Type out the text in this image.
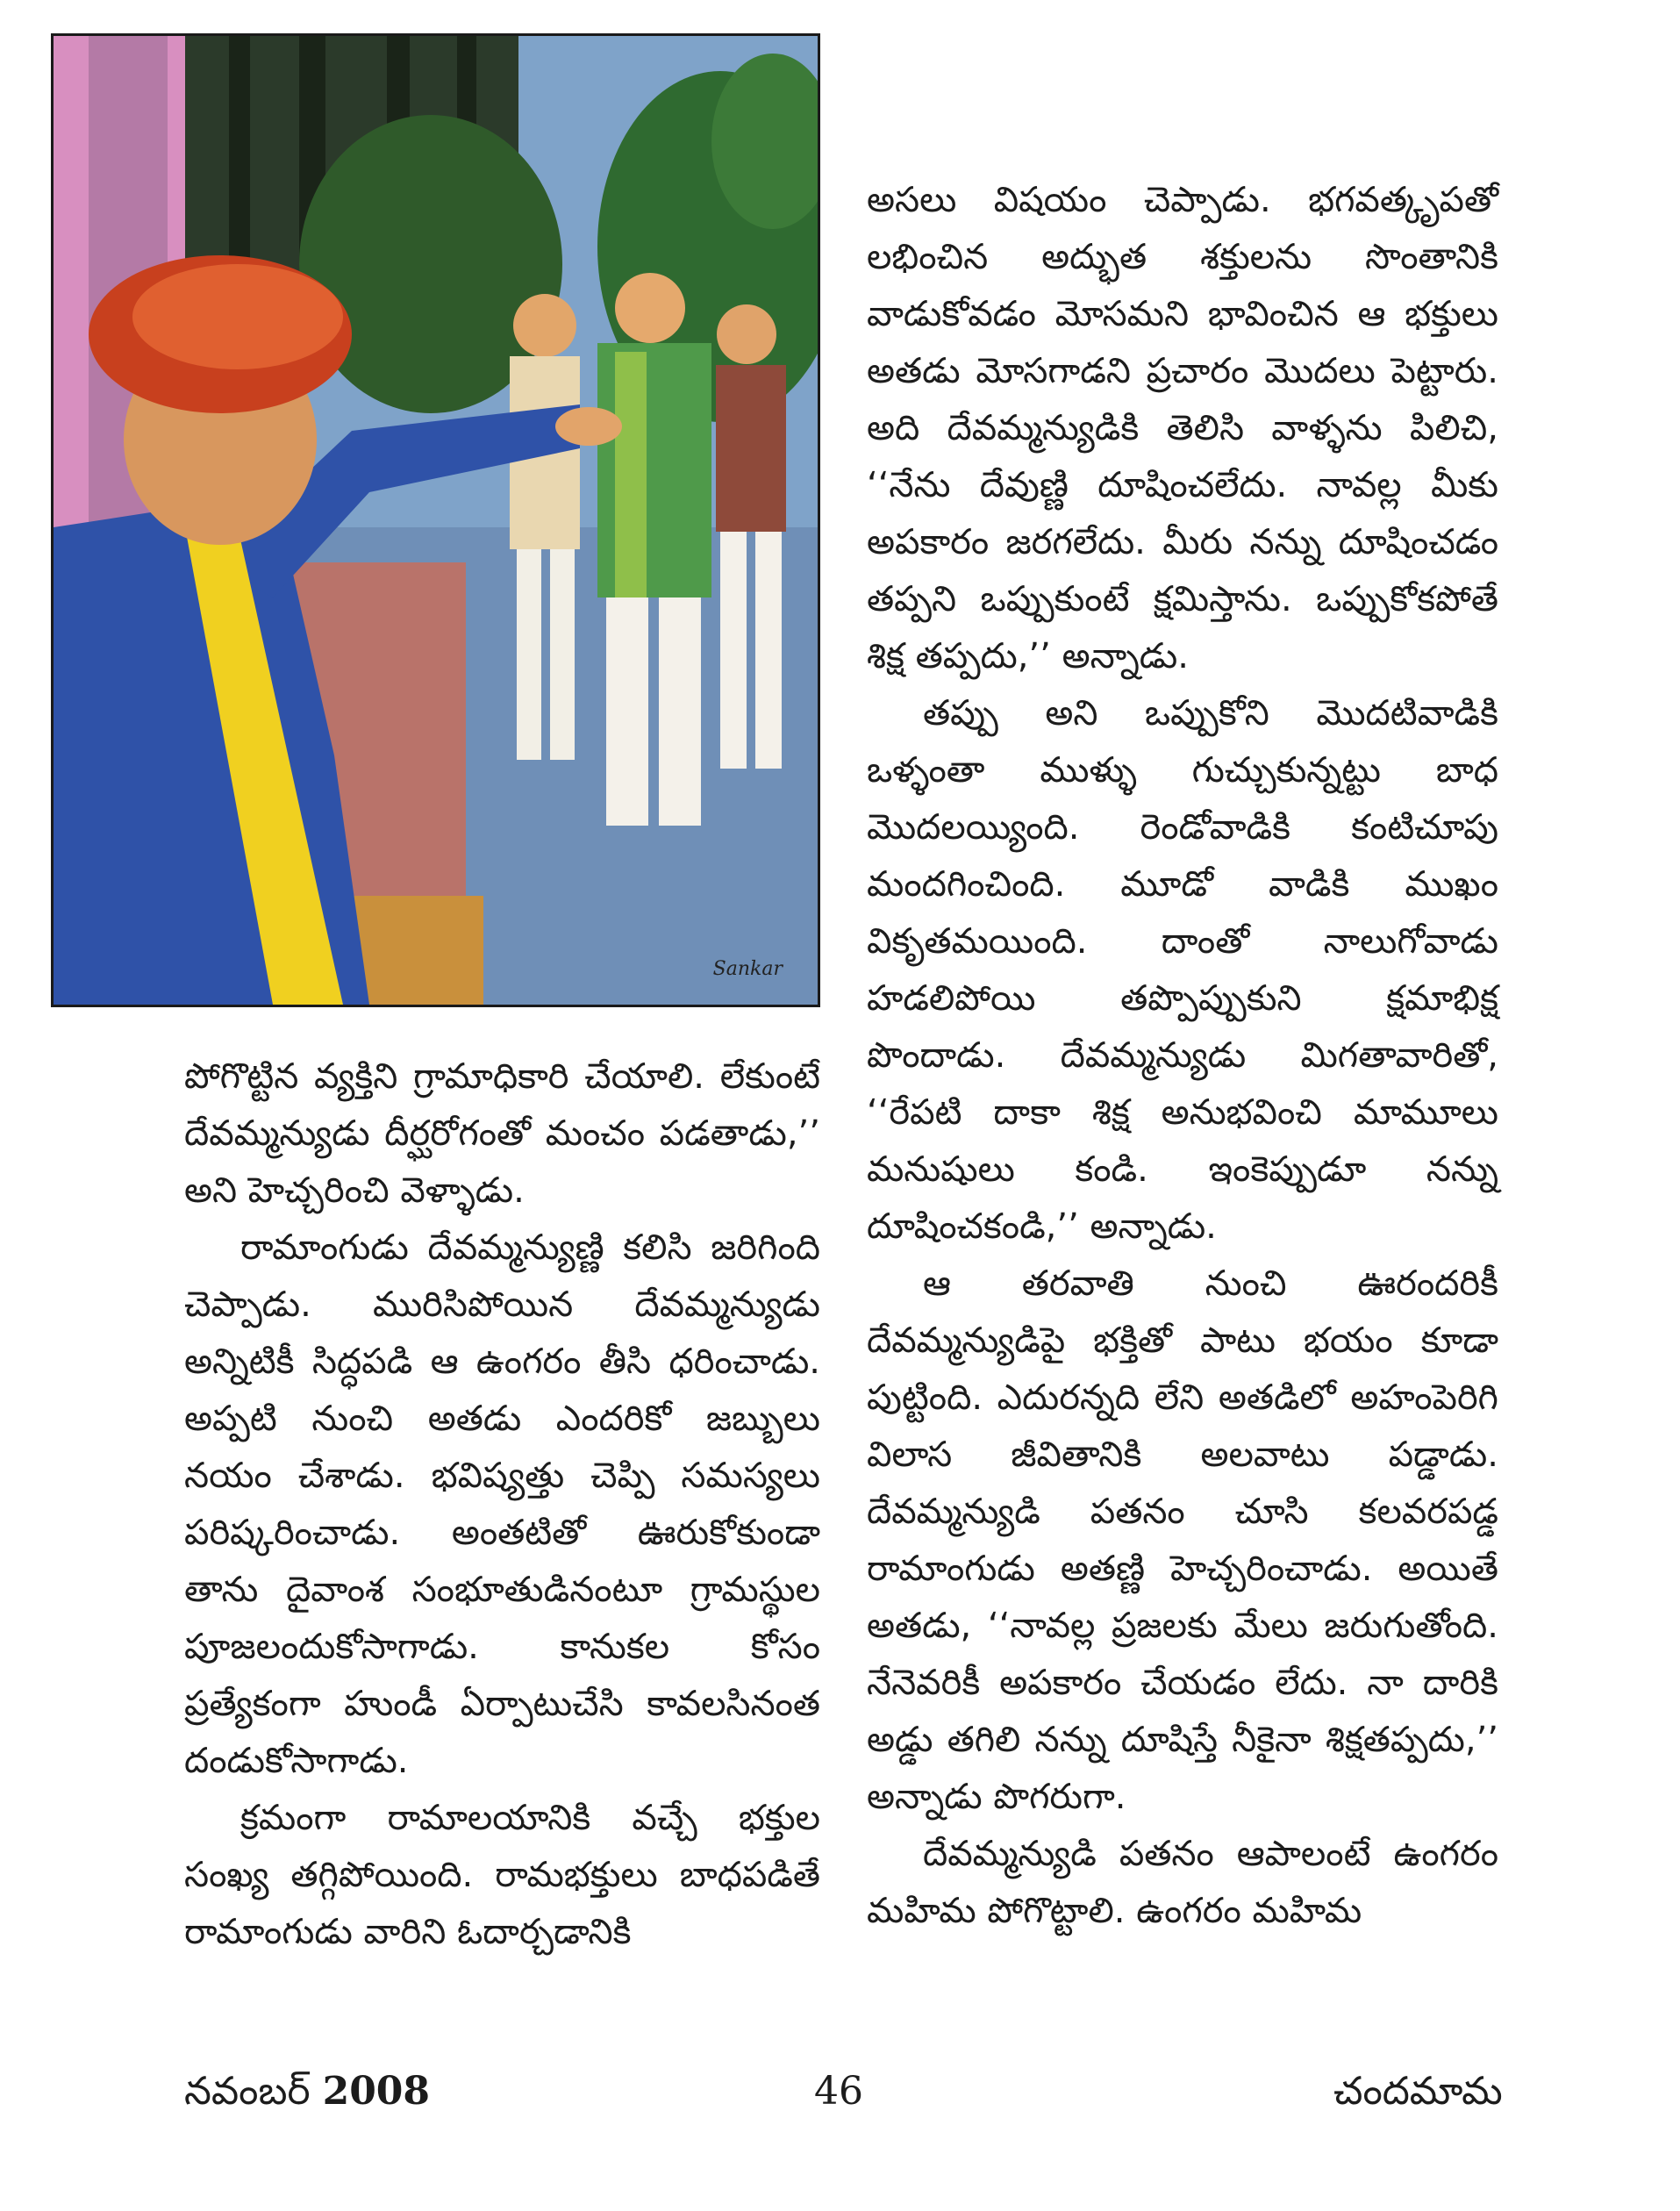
Sankar

అసలు విషయం చెప్పాడు. భగవత్కృపతో లభించిన అద్భుత శక్తులను సొంతానికి వాడుకోవడం మోసమని భావించిన ఆ భక్తులు అతడు మోసగాడని ప్రచారం మొదలు పెట్టారు. అది దేవమ్మన్యుడికి తెలిసి వాళ్ళను పిలిచి, ‘‘నేను దేవుణ్ణి దూషించలేదు. నావల్ల మీకు అపకారం జరగలేదు. మీరు నన్ను దూషించడం తప్పని ఒప్పుకుంటే క్షమిస్తాను. ఒప్పుకోకపోతే శిక్ష తప్పదు,’’ అన్నాడు.

తప్పు అని ఒప్పుకోని మొదటివాడికి ఒళ్ళంతా ముళ్ళు గుచ్చుకున్నట్టు బాధ మొదలయ్యింది. రెండోవాడికి కంటిచూపు మందగించింది. మూడో వాడికి ముఖం వికృతమయింది. దాంతో నాలుగోవాడు హడలిపోయి తప్పొప్పుకుని క్షమాభిక్ష పొందాడు. దేవమ్మన్యుడు మిగతావారితో, ‘‘రేపటి దాకా శిక్ష అనుభవించి మామూలు మనుషులు కండి. ఇంకెప్పుడూ నన్ను దూషించకండి,’’ అన్నాడు.

ఆ తరవాతి నుంచి ఊరందరికీ దేవమ్మన్యుడిపై భక్తితో పాటు భయం కూడా పుట్టింది. ఎదురన్నది లేని అతడిలో అహంపెరిగి విలాస జీవితానికి అలవాటు పడ్డాడు. దేవమ్మన్యుడి పతనం చూసి కలవరపడ్డ రామాంగుడు అతణ్ణి హెచ్చరించాడు. అయితే అతడు, ‘‘నావల్ల ప్రజలకు మేలు జరుగుతోంది. నేనెవరికీ అపకారం చేయడం లేదు. నా దారికి అడ్డు తగిలి నన్ను దూషిస్తే నీకైనా శిక్షతప్పదు,’’ అన్నాడు పొగరుగా.

దేవమ్మన్యుడి పతనం ఆపాలంటే ఉంగరం మహిమ పోగొట్టాలి. ఉంగరం మహిమ

పోగొట్టిన వ్యక్తిని గ్రామాధికారి చేయాలి. లేకుంటే దేవమ్మన్యుడు దీర్ఘరోగంతో మంచం పడతాడు,’’ అని హెచ్చరించి వెళ్ళాడు.

రామాంగుడు దేవమ్మన్యుణ్ణి కలిసి జరిగింది చెప్పాడు. మురిసిపోయిన దేవమ్మన్యుడు అన్నిటికీ సిద్ధపడి ఆ ఉంగరం తీసి ధరించాడు. అప్పటి నుంచి అతడు ఎందరికో జబ్బులు నయం చేశాడు. భవిష్యత్తు చెప్పి సమస్యలు పరిష్కరించాడు. అంతటితో ఊరుకోకుండా తాను దైవాంశ సంభూతుడినంటూ గ్రామస్థుల పూజలందుకోసాగాడు. కానుకల కోసం ప్రత్యేకంగా హుండీ ఏర్పాటుచేసి కావలసినంత దండుకోసాగాడు.

క్రమంగా రామాలయానికి వచ్చే భక్తుల సంఖ్య తగ్గిపోయింది. రామభక్తులు బాధపడితే రామాంగుడు వారిని ఓదార్చడానికి

నవంబర్ 2008	46	చందమామ
